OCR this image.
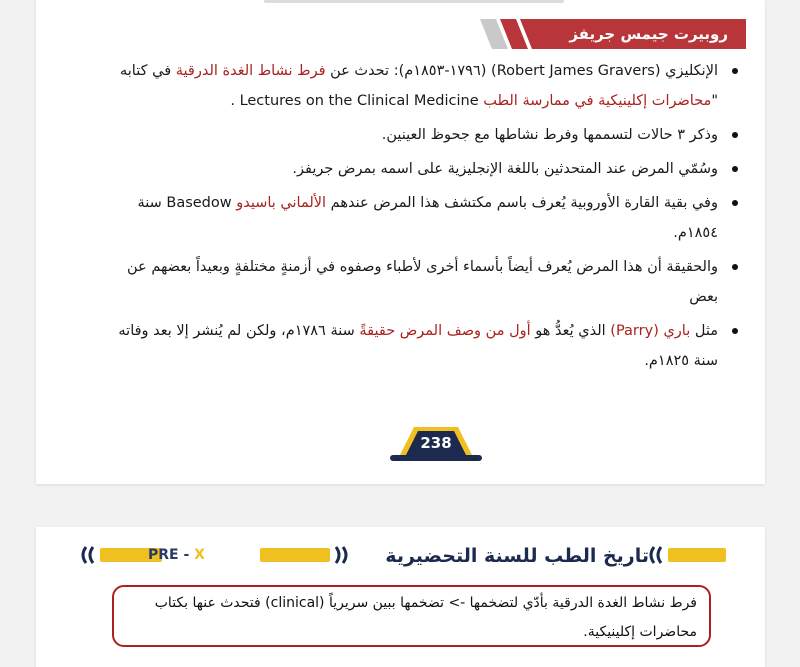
روبيرت جيمس جريفز
الإنكليزي (Robert James Gravers) (١٧٩٦-١٨٥٣م): تحدث عن فرط نشاط الغدة الدرقية في كتابه "محاضرات إكلينيكية في ممارسة الطب Lectures on the Clinical Medicine .
وذكر ٣ حالات لتسممها وفرط نشاطها مع جحوظ العينين.
وسُمّي المرض عند المتحدثين باللغة الإنجليزية على اسمه بمرض جريفز.
وفي بقية القارة الأوروبية يُعرف باسم مكتشف هذا المرض عندهم الألماني باسيدو Basedow سنة ١٨٥٤م.
والحقيقة أن هذا المرض يُعرف أيضاً بأسماء أخرى لأطباء وصفوه في أزمنةٍ مختلفةٍ وبعيداً بعضهم عن بعض
مثل باري (Parry) الذي يُعدُّ هو أول من وصف المرض حقيقةً سنة ١٧٨٦م، ولكن لم يُنشر إلا بعد وفاته سنة ١٨٢٥م.
238
PRE - X	تاريخ الطب للسنة التحضيرية
فرط نشاط الغدة الدرقية بأدّي لتضخمها -> تضخمها ببين سريرياً (clinical) فتحدث عنها بكتاب محاضرات إكلينيكية.
